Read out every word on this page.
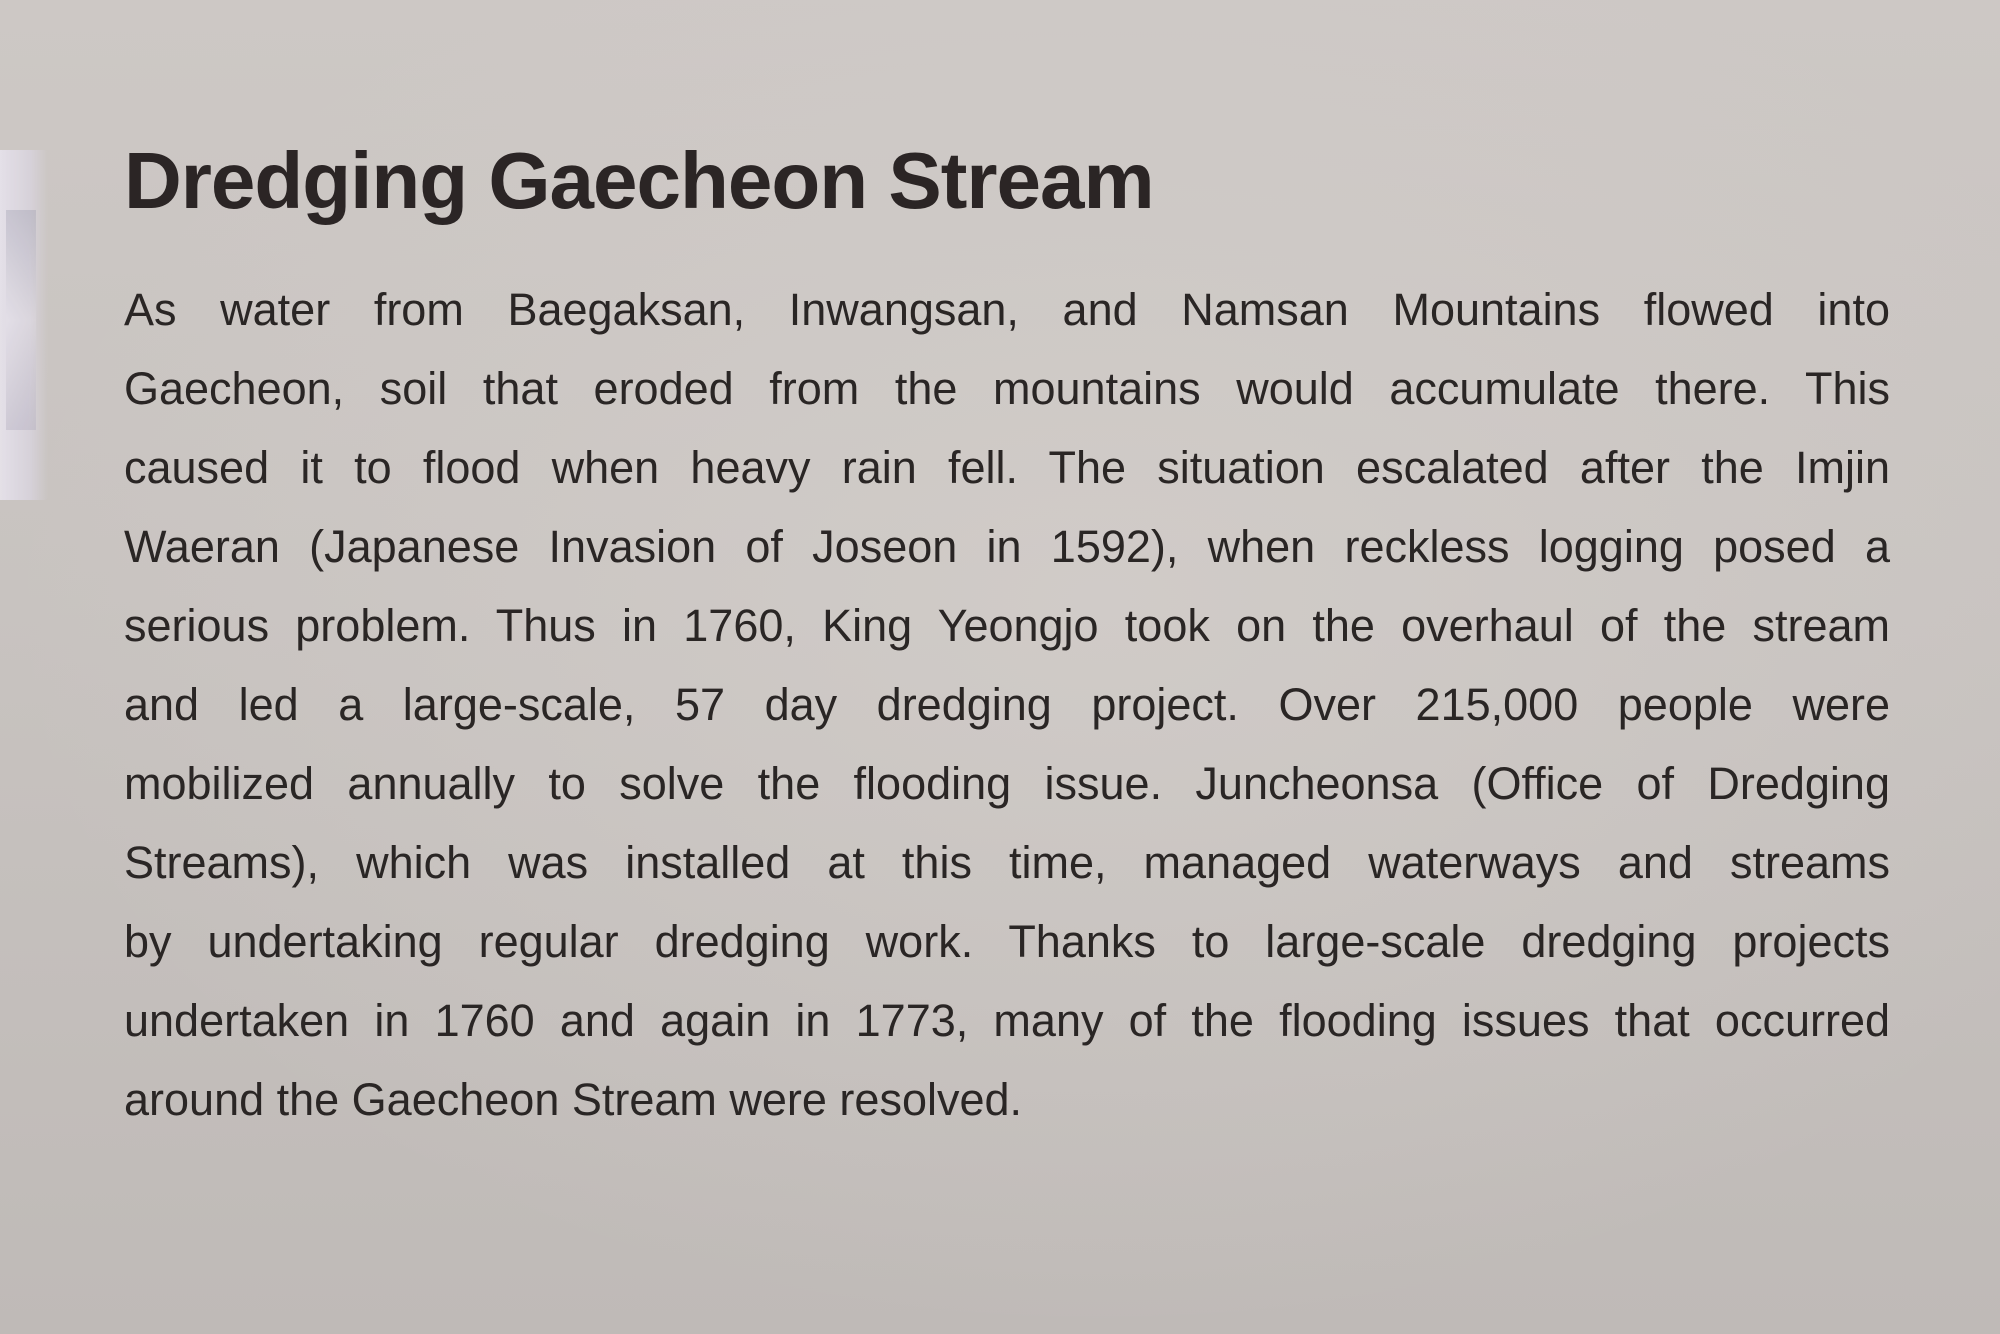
Dredging Gaecheon Stream
As water from Baegaksan, Inwangsan, and Namsan Mountains flowed into
Gaecheon, soil that eroded from the mountains would accumulate there. This
caused it to flood when heavy rain fell. The situation escalated after the Imjin
Waeran (Japanese Invasion of Joseon in 1592), when reckless logging posed a
serious problem. Thus in 1760, King Yeongjo took on the overhaul of the stream
and led a large-scale, 57 day dredging project. Over 215,000 people were
mobilized annually to solve the flooding issue. Juncheonsa (Office of Dredging
Streams), which was installed at this time, managed waterways and streams
by undertaking regular dredging work. Thanks to large-scale dredging projects
undertaken in 1760 and again in 1773, many of the flooding issues that occurred
around the Gaecheon Stream were resolved.
